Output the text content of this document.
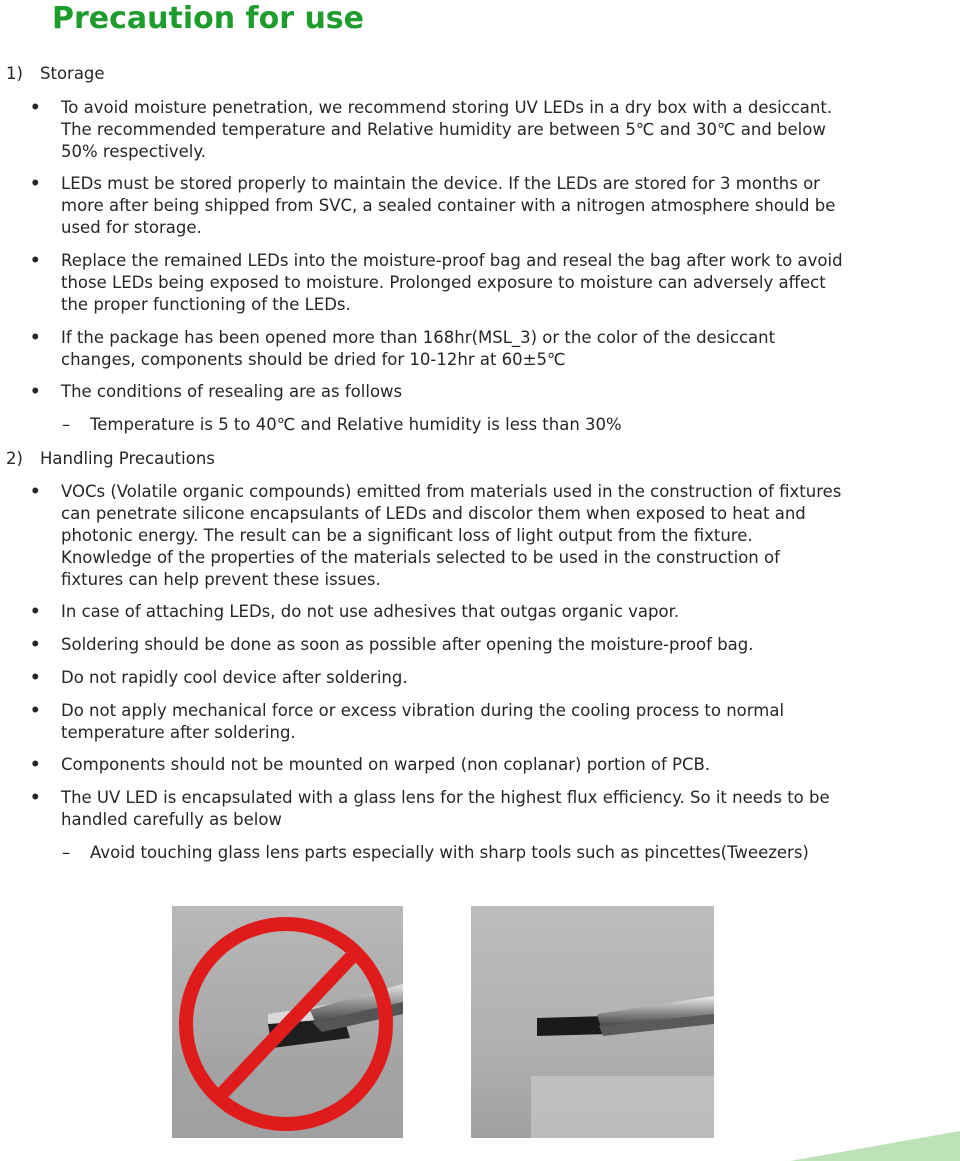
Precaution for use
1) Storage
• To avoid moisture penetration, we recommend storing UV LEDs in a dry box with a desiccant.
The recommended temperature and Relative humidity are between 5℃ and 30℃ and below
50% respectively.
• LEDs must be stored properly to maintain the device. If the LEDs are stored for 3 months or
more after being shipped from SVC, a sealed container with a nitrogen atmosphere should be
used for storage.
• Replace the remained LEDs into the moisture-proof bag and reseal the bag after work to avoid
those LEDs being exposed to moisture. Prolonged exposure to moisture can adversely affect
the proper functioning of the LEDs.
• If the package has been opened more than 168hr(MSL_3) or the color of the desiccant
changes, components should be dried for 10-12hr at 60±5℃
• The conditions of resealing are as follows
– Temperature is 5 to 40℃ and Relative humidity is less than 30%
2) Handling Precautions
• VOCs (Volatile organic compounds) emitted from materials used in the construction of fixtures
can penetrate silicone encapsulants of LEDs and discolor them when exposed to heat and
photonic energy. The result can be a significant loss of light output from the fixture.
Knowledge of the properties of the materials selected to be used in the construction of
fixtures can help prevent these issues.
• In case of attaching LEDs, do not use adhesives that outgas organic vapor.
• Soldering should be done as soon as possible after opening the moisture-proof bag.
• Do not rapidly cool device after soldering.
• Do not apply mechanical force or excess vibration during the cooling process to normal
temperature after soldering.
• Components should not be mounted on warped (non coplanar) portion of PCB.
• The UV LED is encapsulated with a glass lens for the highest flux efficiency. So it needs to be
handled carefully as below
– Avoid touching glass lens parts especially with sharp tools such as pincettes(Tweezers)
